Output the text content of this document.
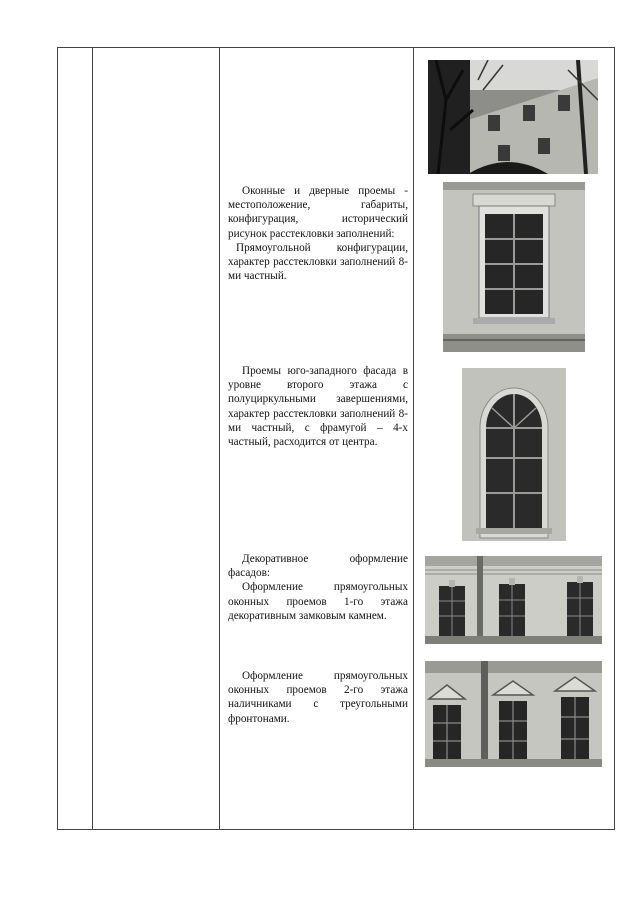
Оконные и дверные проемы - местоположение, габариты, конфигурация, исторический рисунок расстекловки заполнений:

Прямоугольной конфигурации, характер расстекловки заполнений 8-ми частный.

Проемы юго-западного фасада в уровне второго этажа с полуциркульными завершениями, характер расстекловки заполнений 8-ми частный, с фрамугой – 4-х частный, расходится от центра.

Декоративное оформление фасадов:

Оформление прямоугольных оконных проемов 1-го этажа декоративным замковым камнем.

Оформление прямоугольных оконных проемов 2-го этажа наличниками с треугольными фронтонами.
